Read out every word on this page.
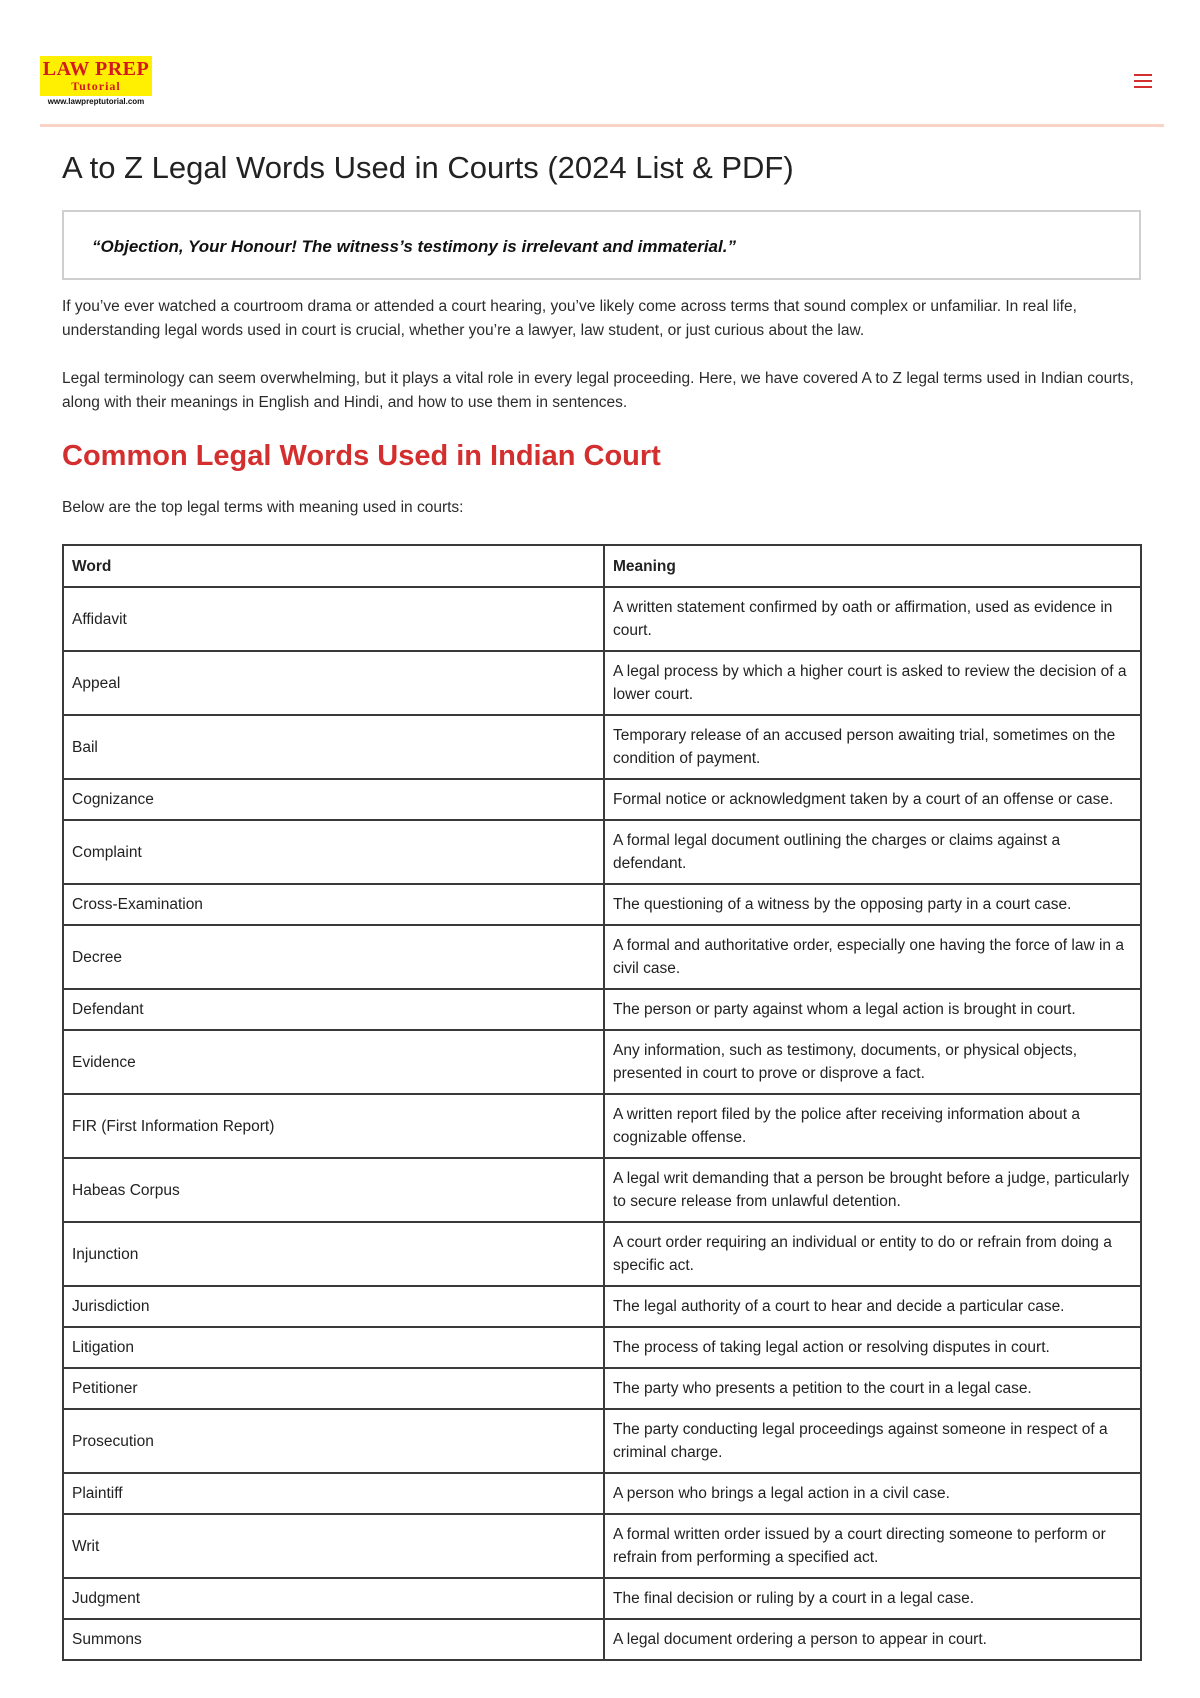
LAW PREP
Tutorial
www.lawpreptutorial.com
A to Z Legal Words Used in Courts (2024 List & PDF)
“Objection, Your Honour! The witness’s testimony is irrelevant and immaterial.”

If you’ve ever watched a courtroom drama or attended a court hearing, you’ve likely come across terms that sound complex or unfamiliar. In real life, understanding legal words used in court is crucial, whether you’re a lawyer, law student, or just curious about the law.

Legal terminology can seem overwhelming, but it plays a vital role in every legal proceeding. Here, we have covered A to Z legal terms used in Indian courts, along with their meanings in English and Hindi, and how to use them in sentences.

Common Legal Words Used in Indian Court

Below are the top legal terms with meaning used in courts:

Word	Meaning
Affidavit	A written statement confirmed by oath or affirmation, used as evidence in court.
Appeal	A legal process by which a higher court is asked to review the decision of a lower court.
Bail	Temporary release of an accused person awaiting trial, sometimes on the condition of payment.
Cognizance	Formal notice or acknowledgment taken by a court of an offense or case.
Complaint	A formal legal document outlining the charges or claims against a defendant.
Cross-Examination	The questioning of a witness by the opposing party in a court case.
Decree	A formal and authoritative order, especially one having the force of law in a civil case.
Defendant	The person or party against whom a legal action is brought in court.
Evidence	Any information, such as testimony, documents, or physical objects, presented in court to prove or disprove a fact.
FIR (First Information Report)	A written report filed by the police after receiving information about a cognizable offense.
Habeas Corpus	A legal writ demanding that a person be brought before a judge, particularly to secure release from unlawful detention.
Injunction	A court order requiring an individual or entity to do or refrain from doing a specific act.
Jurisdiction	The legal authority of a court to hear and decide a particular case.
Litigation	The process of taking legal action or resolving disputes in court.
Petitioner	The party who presents a petition to the court in a legal case.
Prosecution	The party conducting legal proceedings against someone in respect of a criminal charge.
Plaintiff	A person who brings a legal action in a civil case.
Writ	A formal written order issued by a court directing someone to perform or refrain from performing a specified act.
Judgment	The final decision or ruling by a court in a legal case.
Summons	A legal document ordering a person to appear in court.
